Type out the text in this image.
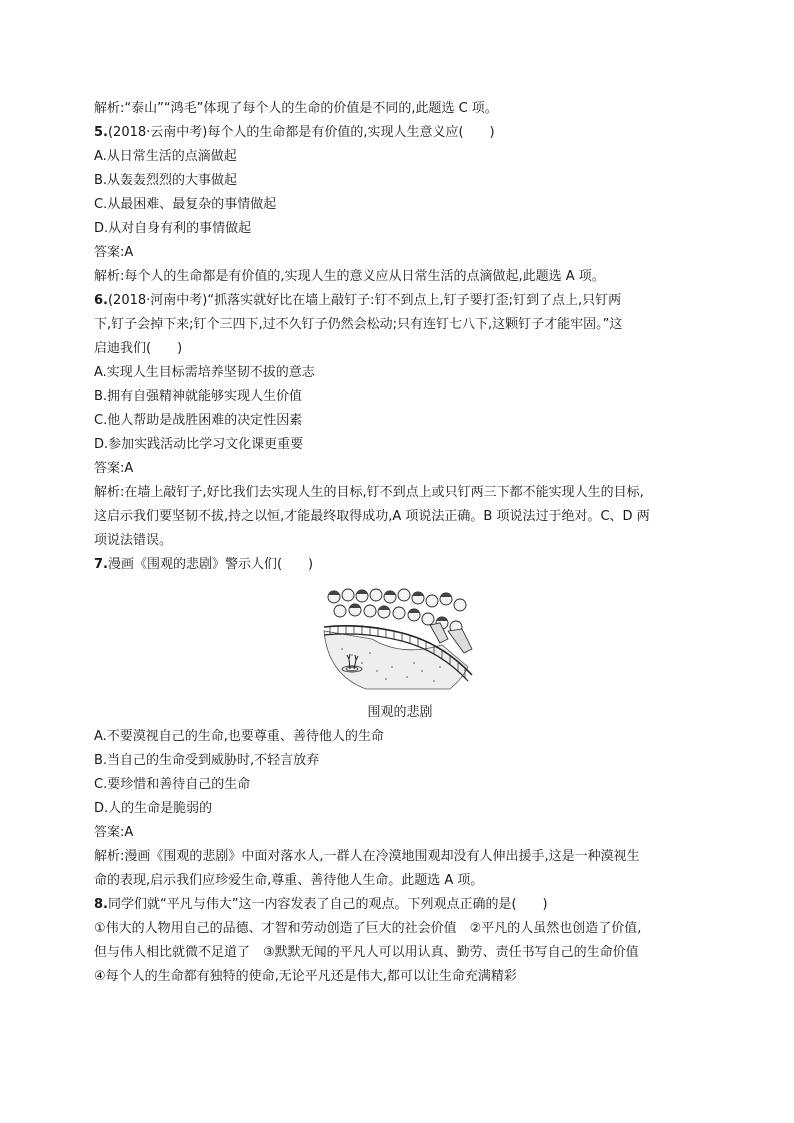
解析:“泰山”“鸿毛”体现了每个人的生命的价值是不同的,此题选 C 项。
5.(2018·云南中考)每个人的生命都是有价值的,实现人生意义应(　　)
A.从日常生活的点滴做起
B.从轰轰烈烈的大事做起
C.从最困难、最复杂的事情做起
D.从对自身有利的事情做起
答案:A
解析:每个人的生命都是有价值的,实现人生的意义应从日常生活的点滴做起,此题选 A 项。
6.(2018·河南中考)“抓落实就好比在墙上敲钉子:钉不到点上,钉子要打歪;钉到了点上,只钉两
下,钉子会掉下来;钉个三四下,过不久钉子仍然会松动;只有连钉七八下,这颗钉子才能牢固。”这
启迪我们(　　)
A.实现人生目标需培养坚韧不拔的意志
B.拥有自强精神就能够实现人生价值
C.他人帮助是战胜困难的决定性因素
D.参加实践活动比学习文化课更重要
答案:A
解析:在墙上敲钉子,好比我们去实现人生的目标,钉不到点上或只钉两三下都不能实现人生的目标,
这启示我们要坚韧不拔,持之以恒,才能最终取得成功,A 项说法正确。B 项说法过于绝对。C、D 两
项说法错误。
7.漫画《围观的悲剧》警示人们(　　)
围观的悲剧
A.不要漠视自己的生命,也要尊重、善待他人的生命
B.当自己的生命受到威胁时,不轻言放弃
C.要珍惜和善待自己的生命
D.人的生命是脆弱的
答案:A
解析:漫画《围观的悲剧》中面对落水人,一群人在冷漠地围观却没有人伸出援手,这是一种漠视生
命的表现,启示我们应珍爱生命,尊重、善待他人生命。此题选 A 项。
8.同学们就“平凡与伟大”这一内容发表了自己的观点。下列观点正确的是(　　)
①伟大的人物用自己的品德、才智和劳动创造了巨大的社会价值　②平凡的人虽然也创造了价值,
但与伟人相比就微不足道了　③默默无闻的平凡人可以用认真、勤劳、责任书写自己的生命价值
④每个人的生命都有独特的使命,无论平凡还是伟大,都可以让生命充满精彩
